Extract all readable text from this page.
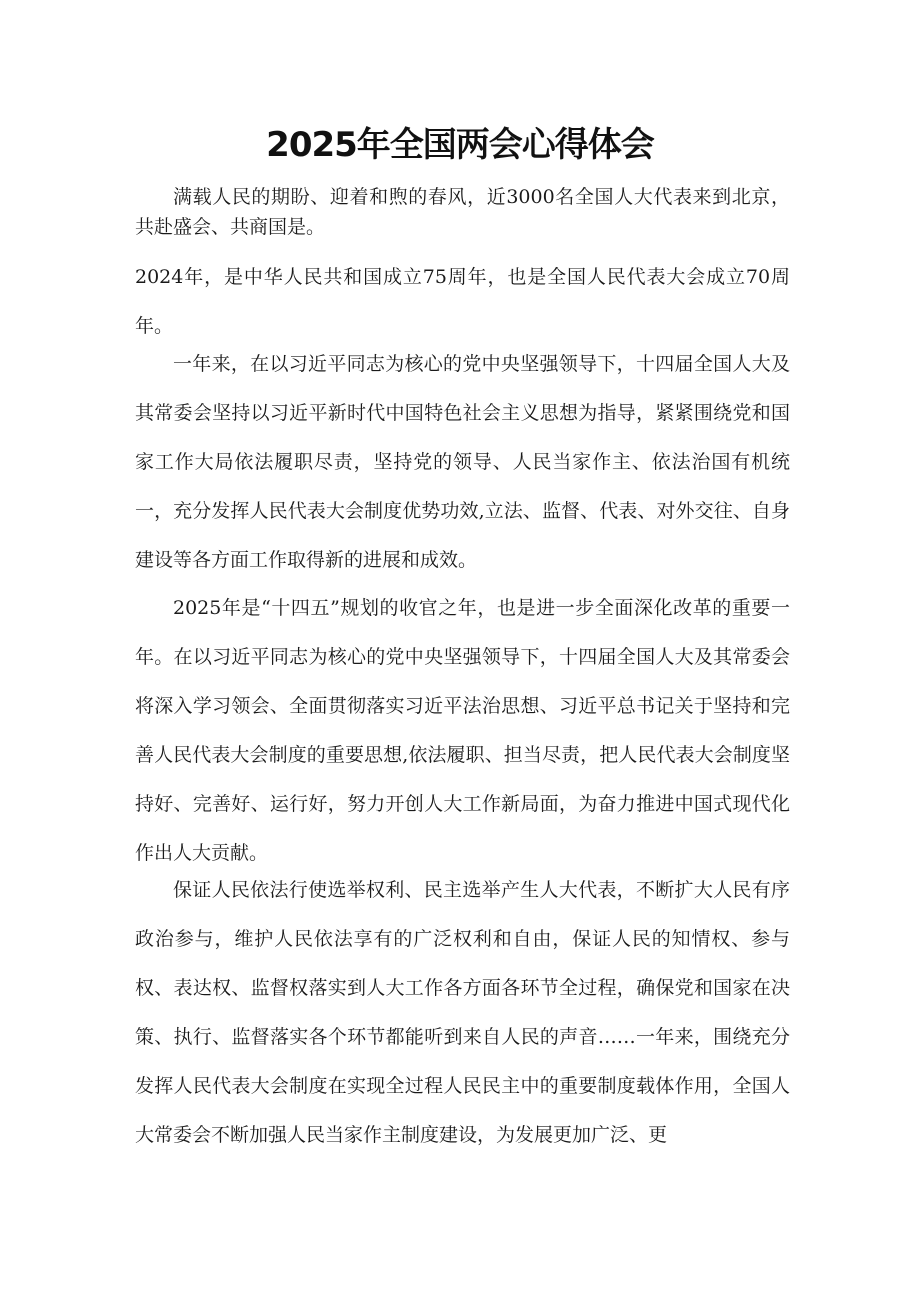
2025年全国两会心得体会

满载人民的期盼、迎着和煦的春风，近3000名全国人大代表来到北京，共赴盛会、共商国是。

2024年，是中华人民共和国成立75周年，也是全国人民代表大会成立70周年。

一年来，在以习近平同志为核心的党中央坚强领导下，十四届全国人大及其常委会坚持以习近平新时代中国特色社会主义思想为指导，紧紧围绕党和国家工作大局依法履职尽责，坚持党的领导、人民当家作主、依法治国有机统一，充分发挥人民代表大会制度优势功效,立法、监督、代表、对外交往、自身建设等各方面工作取得新的进展和成效。

2025年是“十四五”规划的收官之年，也是进一步全面深化改革的重要一年。在以习近平同志为核心的党中央坚强领导下，十四届全国人大及其常委会将深入学习领会、全面贯彻落实习近平法治思想、习近平总书记关于坚持和完善人民代表大会制度的重要思想,依法履职、担当尽责，把人民代表大会制度坚持好、完善好、运行好，努力开创人大工作新局面，为奋力推进中国式现代化作出人大贡献。

保证人民依法行使选举权利、民主选举产生人大代表，不断扩大人民有序政治参与，维护人民依法享有的广泛权利和自由，保证人民的知情权、参与权、表达权、监督权落实到人大工作各方面各环节全过程，确保党和国家在决策、执行、监督落实各个环节都能听到来自人民的声音……一年来，围绕充分发挥人民代表大会制度在实现全过程人民民主中的重要制度载体作用，全国人大常委会不断加强人民当家作主制度建设，为发展更加广泛、更
